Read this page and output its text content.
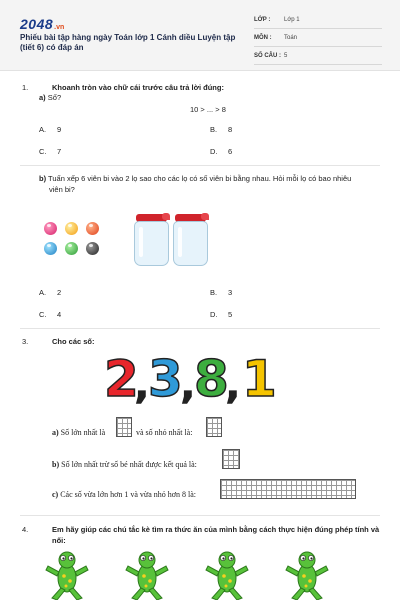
2048.vn
Phiếu bài tập hàng ngày Toán lớp 1 Cánh diều Luyện tập (tiết 6) có đáp án
LỚP : Lớp 1
MÔN : Toán
SỐ CÂU : 5
1.	Khoanh tròn vào chữ cái trước câu trả lời đúng:
a) Số?
10 > ... > 8
A. 9	B. 8
C. 7	D. 6
b) Tuấn xếp 6 viên bi vào 2 lọ sao cho các lọ có số viên bi bằng nhau. Hỏi mỗi lọ có bao nhiêu
viên bi?
A. 2	B. 3
C. 4	D. 5
3.	Cho các số:
2
, 3
, 8
, 1
a) Số lớn nhất là	và số nhỏ nhất là:
b) Số lớn nhất trừ số bé nhất được kết quả là:
c) Các số vừa lớn hơn 1 và vừa nhỏ hơn 8 là:
4.	Em hãy giúp các chú tắc kè tìm ra thức ăn của mình bằng cách thực hiện đúng phép tính và
nối:
